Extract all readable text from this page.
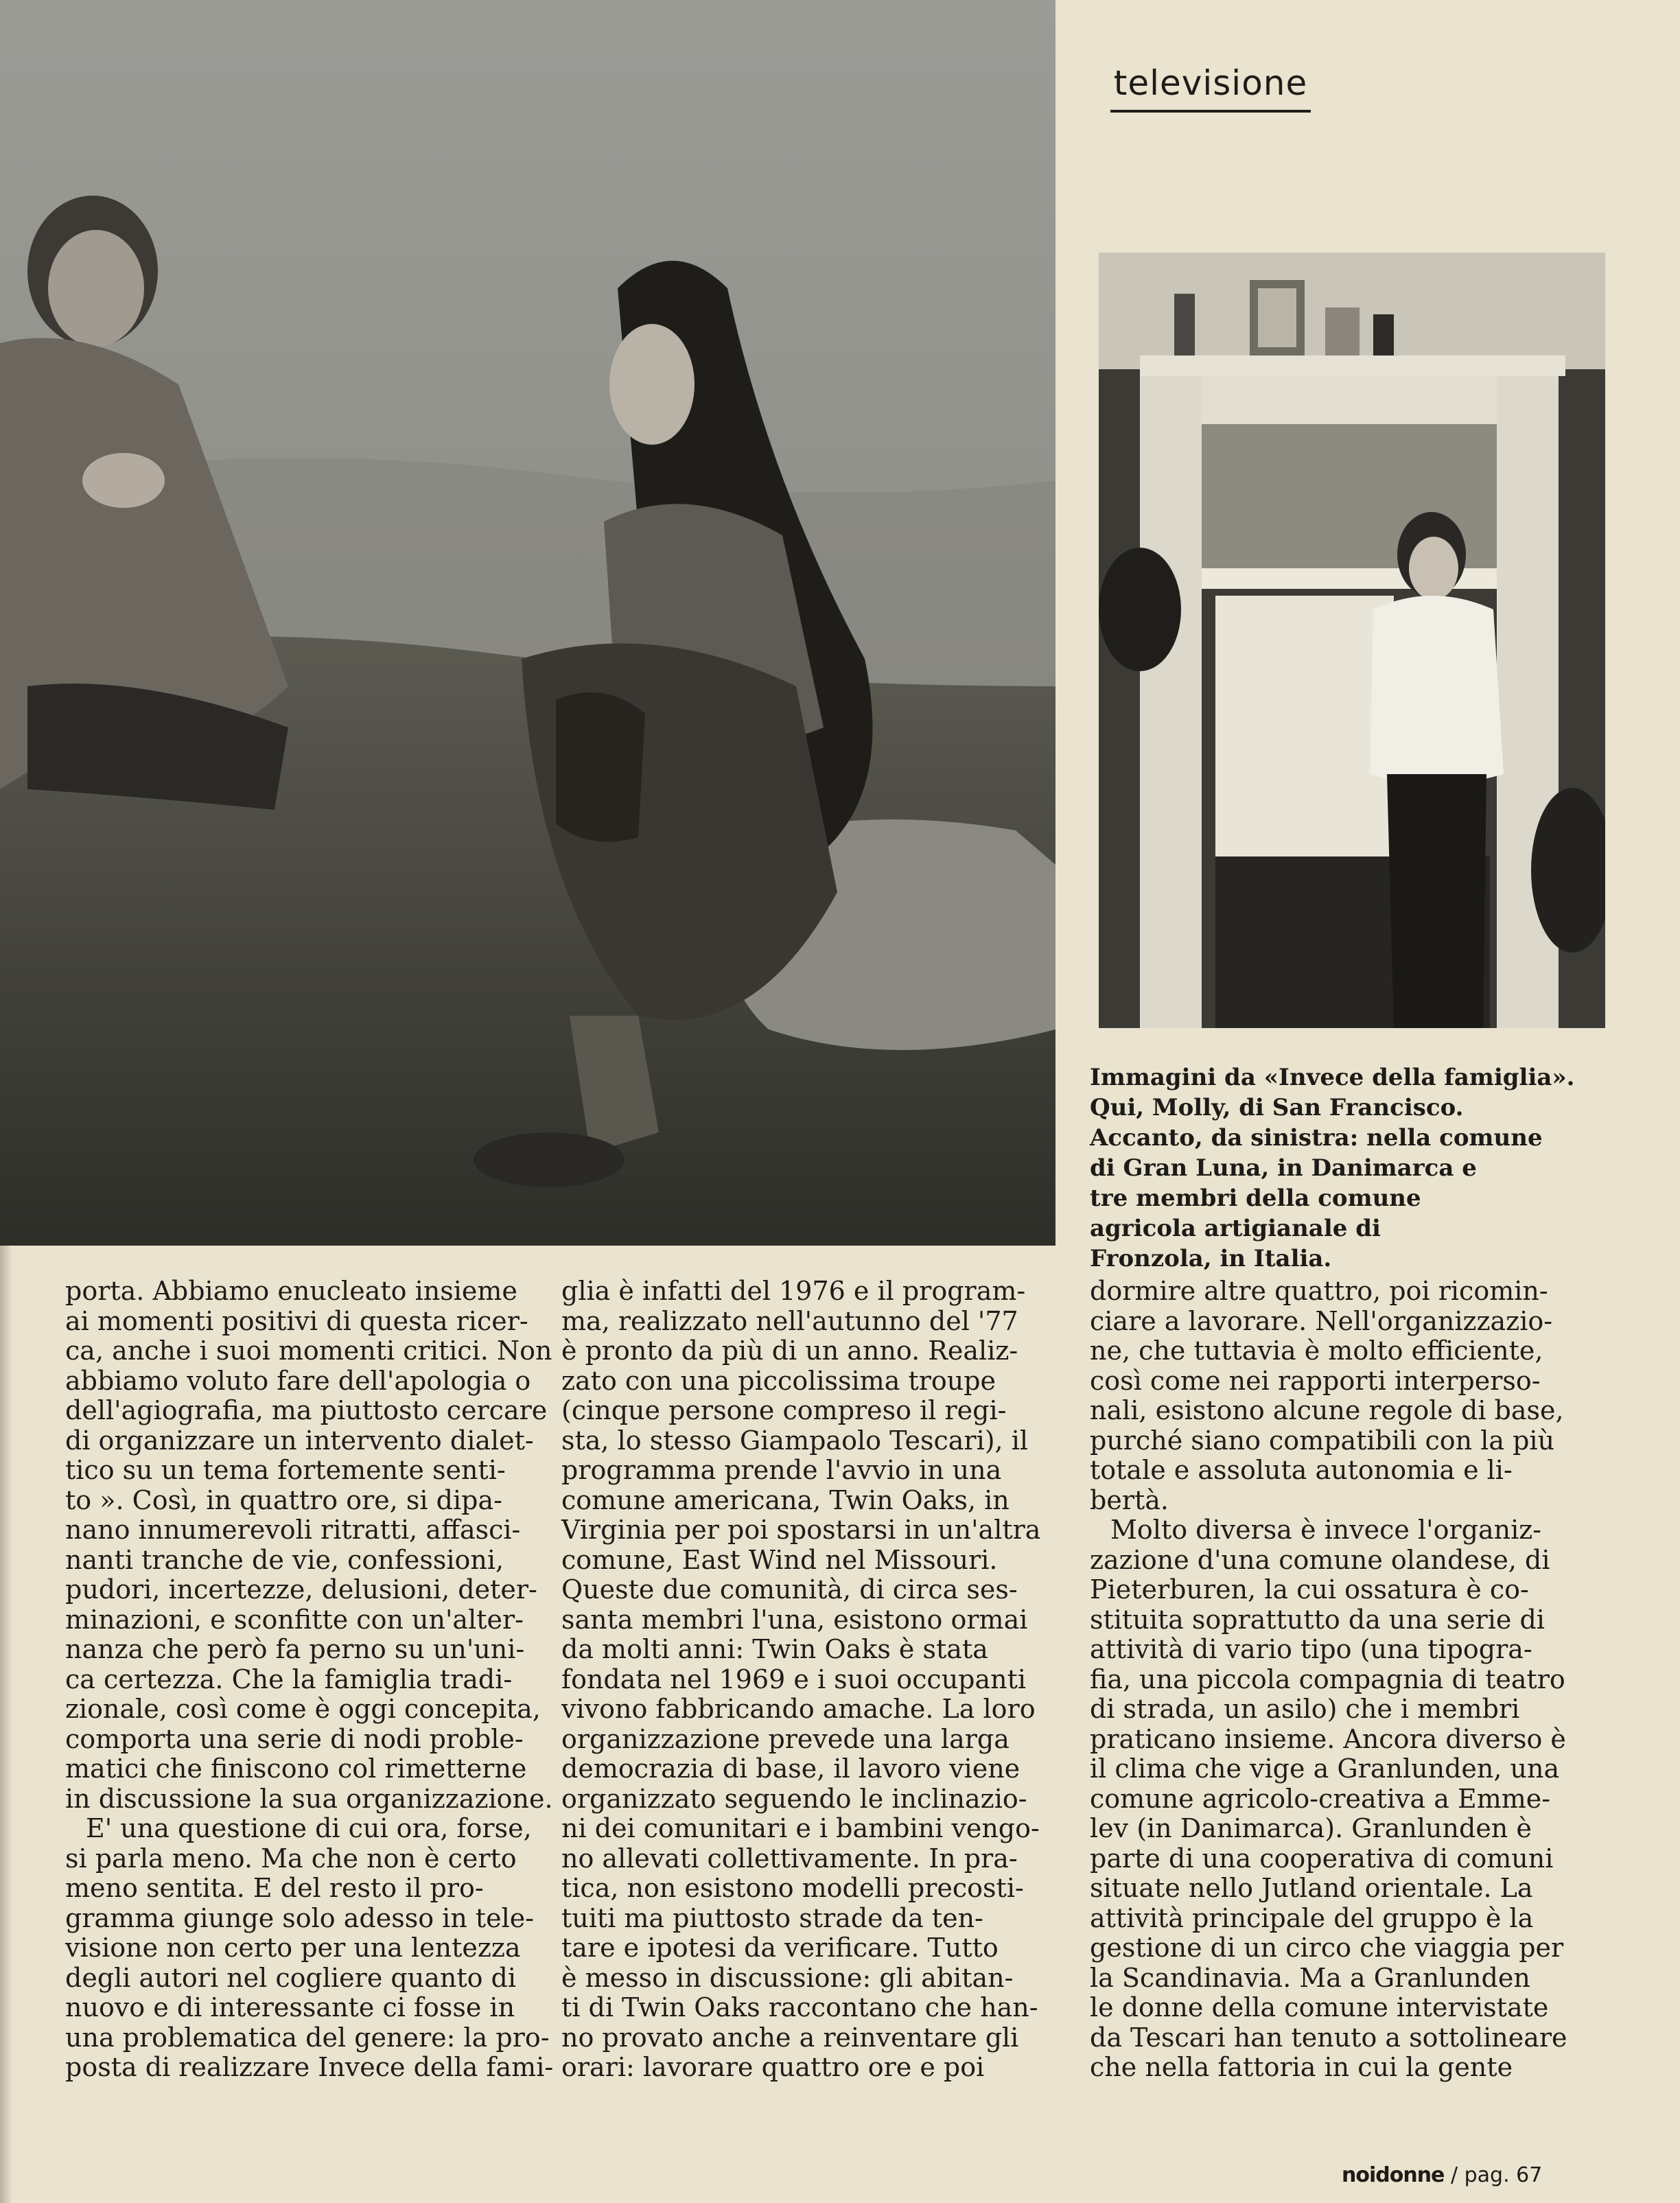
televisione
Immagini da «Invece della famiglia».
Qui, Molly, di San Francisco.
Accanto, da sinistra: nella comune
di Gran Luna, in Danimarca e
tre membri della comune
agricola artigianale di
Fronzola, in Italia.
porta. Abbiamo enucleato insieme
ai momenti positivi di questa ricer-
ca, anche i suoi momenti critici. Non
abbiamo voluto fare dell'apologia o
dell'agiografia, ma piuttosto cercare
di organizzare un intervento dialet-
tico su un tema fortemente senti-
to ». Così, in quattro ore, si dipa-
nano innumerevoli ritratti, affasci-
nanti tranche de vie, confessioni,
pudori, incertezze, delusioni, deter-
minazioni, e sconfitte con un'alter-
nanza che però fa perno su un'uni-
ca certezza. Che la famiglia tradi-
zionale, così come è oggi concepita,
comporta una serie di nodi proble-
matici che finiscono col rimetterne
in discussione la sua organizzazione.
E' una questione di cui ora, forse,
si parla meno. Ma che non è certo
meno sentita. E del resto il pro-
gramma giunge solo adesso in tele-
visione non certo per una lentezza
degli autori nel cogliere quanto di
nuovo e di interessante ci fosse in
una problematica del genere: la pro-
posta di realizzare Invece della fami-
glia è infatti del 1976 e il program-
ma, realizzato nell'autunno del '77
è pronto da più di un anno. Realiz-
zato con una piccolissima troupe
(cinque persone compreso il regi-
sta, lo stesso Giampaolo Tescari), il
programma prende l'avvio in una
comune americana, Twin Oaks, in
Virginia per poi spostarsi in un'altra
comune, East Wind nel Missouri.
Queste due comunità, di circa ses-
santa membri l'una, esistono ormai
da molti anni: Twin Oaks è stata
fondata nel 1969 e i suoi occupanti
vivono fabbricando amache. La loro
organizzazione prevede una larga
democrazia di base, il lavoro viene
organizzato seguendo le inclinazio-
ni dei comunitari e i bambini vengo-
no allevati collettivamente. In pra-
tica, non esistono modelli precosti-
tuiti ma piuttosto strade da ten-
tare e ipotesi da verificare. Tutto
è messo in discussione: gli abitan-
ti di Twin Oaks raccontano che han-
no provato anche a reinventare gli
orari: lavorare quattro ore e poi
dormire altre quattro, poi ricomin-
ciare a lavorare. Nell'organizzazio-
ne, che tuttavia è molto efficiente,
così come nei rapporti interperso-
nali, esistono alcune regole di base,
purché siano compatibili con la più
totale e assoluta autonomia e li-
bertà.
Molto diversa è invece l'organiz-
zazione d'una comune olandese, di
Pieterburen, la cui ossatura è co-
stituita soprattutto da una serie di
attività di vario tipo (una tipogra-
fia, una piccola compagnia di teatro
di strada, un asilo) che i membri
praticano insieme. Ancora diverso è
il clima che vige a Granlunden, una
comune agricolo-creativa a Emme-
lev (in Danimarca). Granlunden è
parte di una cooperativa di comuni
situate nello Jutland orientale. La
attività principale del gruppo è la
gestione di un circo che viaggia per
la Scandinavia. Ma a Granlunden
le donne della comune intervistate
da Tescari han tenuto a sottolineare
che nella fattoria in cui la gente
noidonne / pag. 67
